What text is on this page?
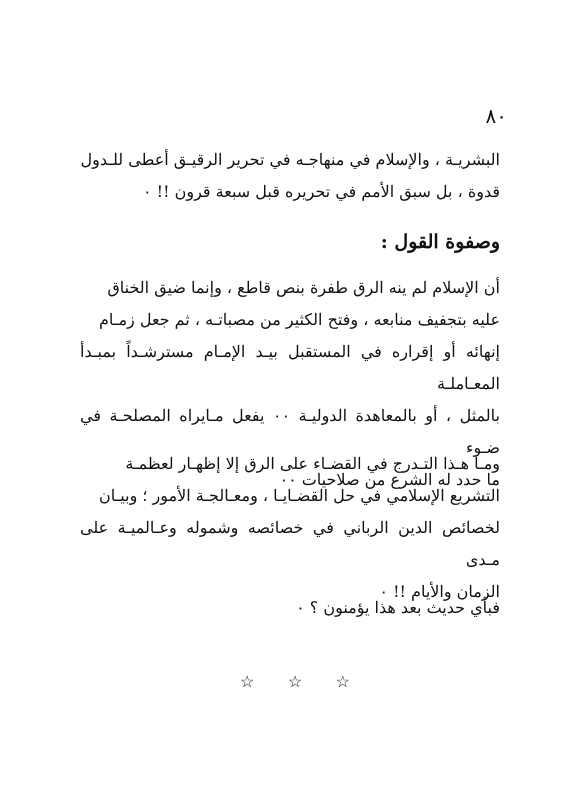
٨٠
البشريـة ، والإسلام في منهاجـه في تحرير الرقيـق أعطى للـدول
قدوة ، بل سبق الأمم في تحريره قبل سبعة قرون !! ٠
وصفوة القول :
أن الإسلام لم ينه الرق طفرة بنص قاطع ، وإنما ضيق الخناق
عليه بتجفيف منابعه ، وفتح الكثير من مصباتـه ، ثم جعل زمـام
إنهائه أو إقراره في المستقبل بيـد الإمـام مسترشـداً بمبـدأ المعـاملـة
بالمثل ، أو بالمعاهدة الدوليـة ٠٠ يفعل مـايراه المصلحـة في ضـوء
ما حدد له الشرع من صلاحيات ٠٠
ومـا هـذا التـدرج في القضـاء على الرق إلا إظهـار لعظمـة
التشريع الإسلامي في حل القضـايـا ، ومعـالجـة الأمور ؛ وبيـان
لخصائص الدين الرباني في خصائصه وشموله وعـالميـة على مـدى
الزمان والأيام !! ٠
فبأي حديث بعد هذا يؤمنون ؟ ٠
☆ ☆ ☆
